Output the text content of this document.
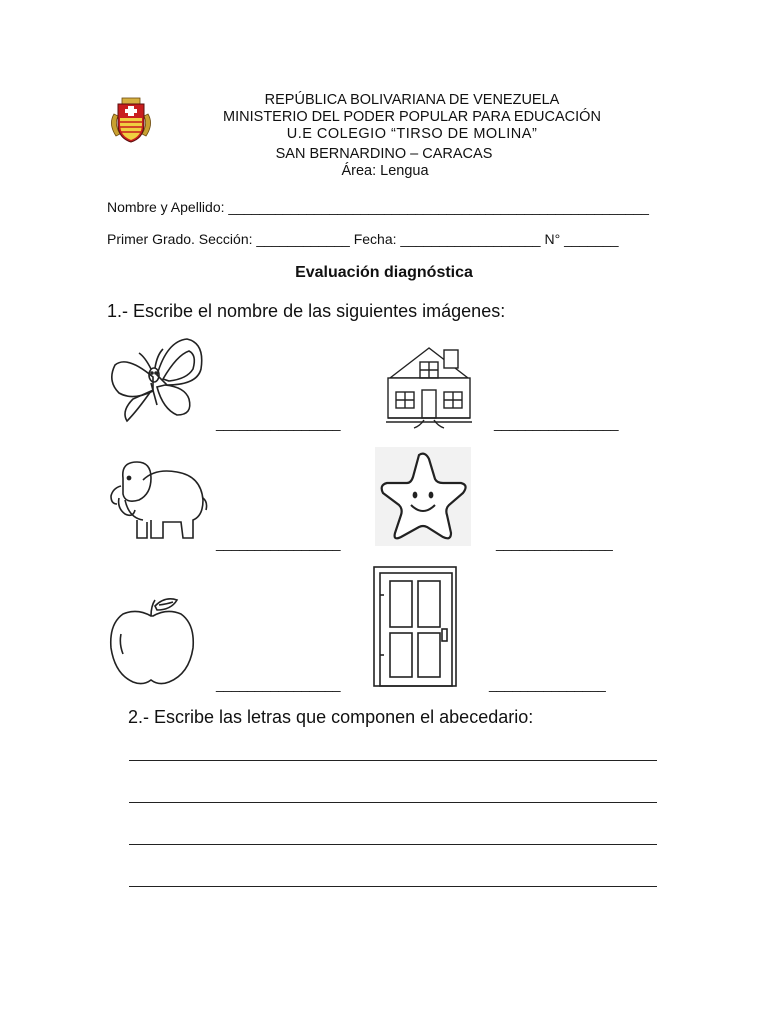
REPÚBLICA BOLIVARIANA DE VENEZUELA
MINISTERIO DEL PODER POPULAR PARA EDUCACIÓN
U.E COLEGIO “TIRSO DE MOLINA”
SAN BERNARDINO – CARACAS
Área: Lengua
Nombre y Apellido: ______________________________________________________
Primer Grado. Sección: ____________ Fecha: __________________ N° _______
Evaluación diagnóstica
1.- Escribe el nombre de las siguientes imágenes:
________________	________________
________________	_______________
________________	_______________
2.- Escribe las letras que componen el abecedario:
